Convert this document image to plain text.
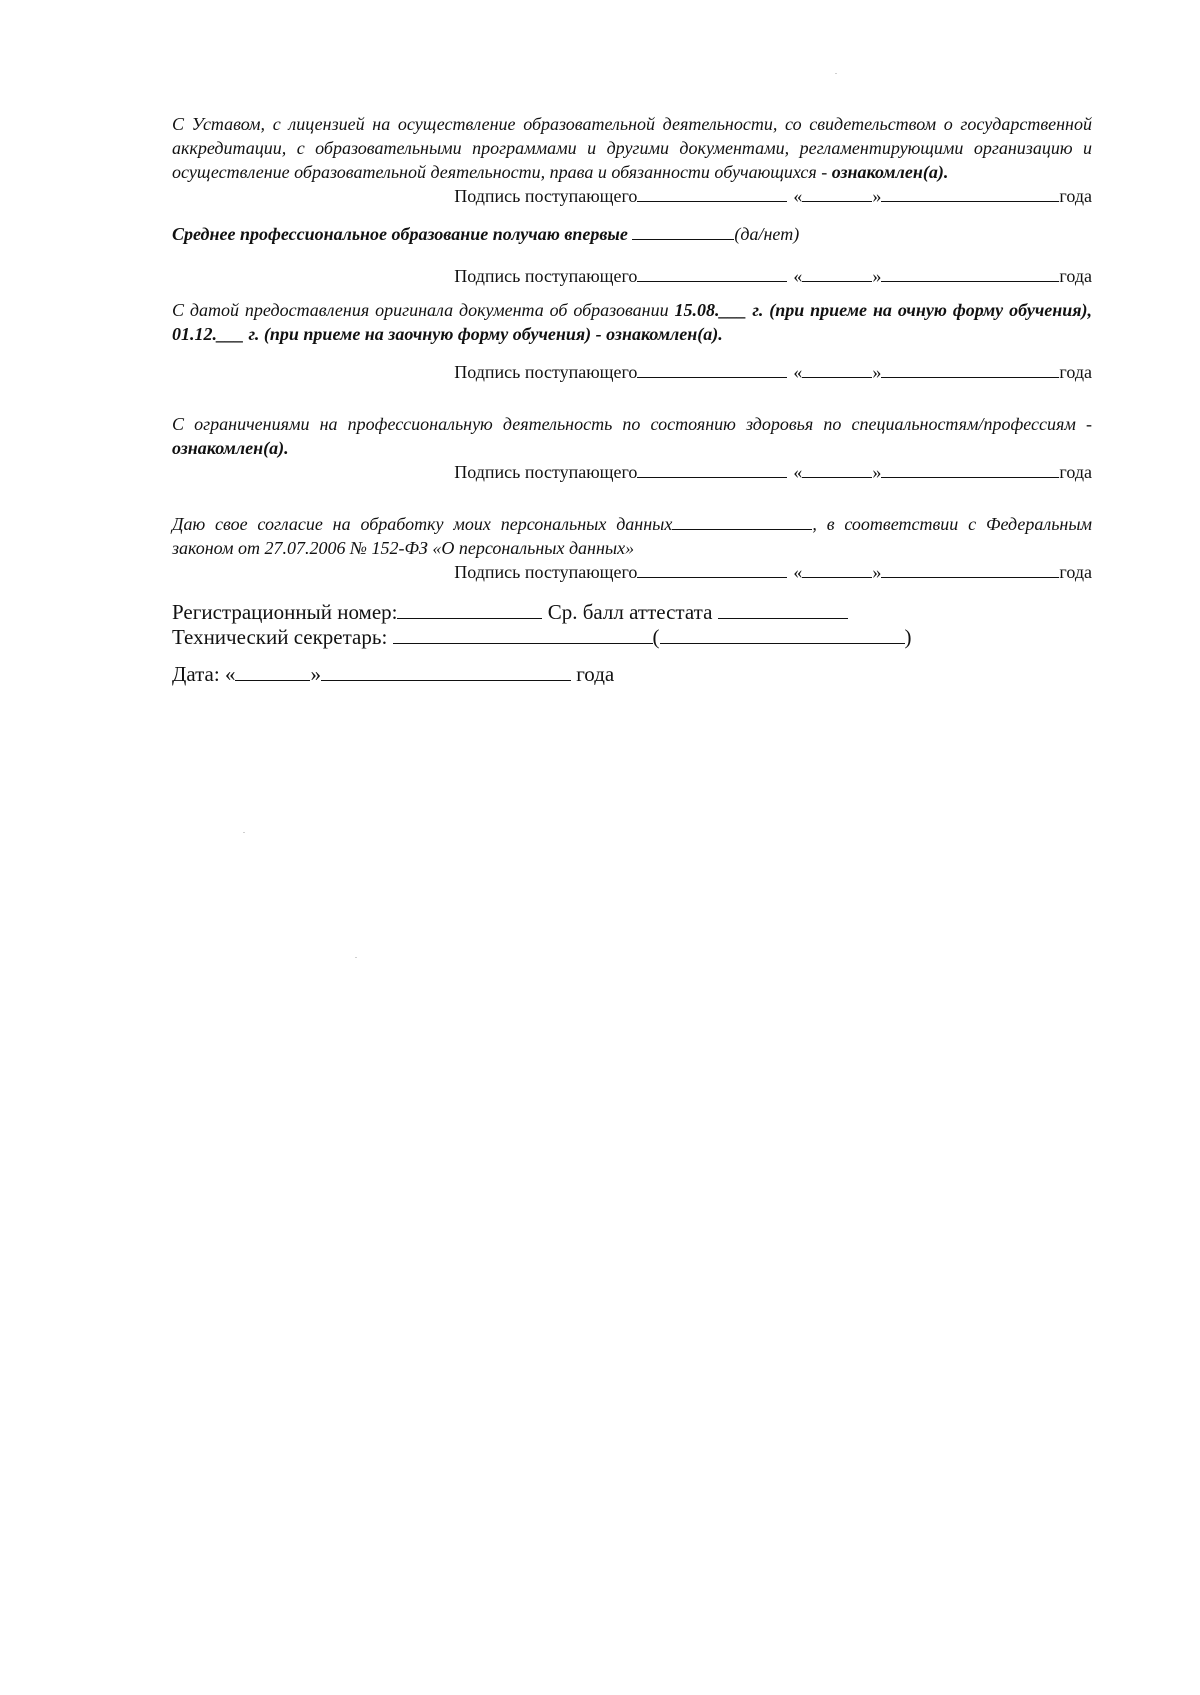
С Уставом, с лицензией на осуществление образовательной деятельности, со свидетельством о государственной аккредитации, с образовательными программами и другими документами, регламентирующими организацию и осуществление образовательной деятельности, права и обязанности обучающихся - ознакомлен(а).

Подпись поступающего	«	»	года

Среднее профессиональное образование получаю впервые	(да/нет)

Подпись поступающего	«	»	года

С датой предоставления оригинала документа об образовании 15.08.___ г. (при приеме на очную форму обучения), 01.12.___ г. (при приеме на заочную форму обучения) - ознакомлен(а).

Подпись поступающего	«	»	года

С ограничениями на профессиональную деятельность по состоянию здоровья по специальностям/профессиям - ознакомлен(а).

Подпись поступающего	«	»	года

Даю свое согласие на обработку моих персональных данных	, в соответствии с Федеральным законом от 27.07.2006 № 152-ФЗ «О персональных данных»

Подпись поступающего	«	»	года

Регистрационный номер:	Ср. балл аттестата

Технический секретарь:	(	)

Дата: «	»	года
